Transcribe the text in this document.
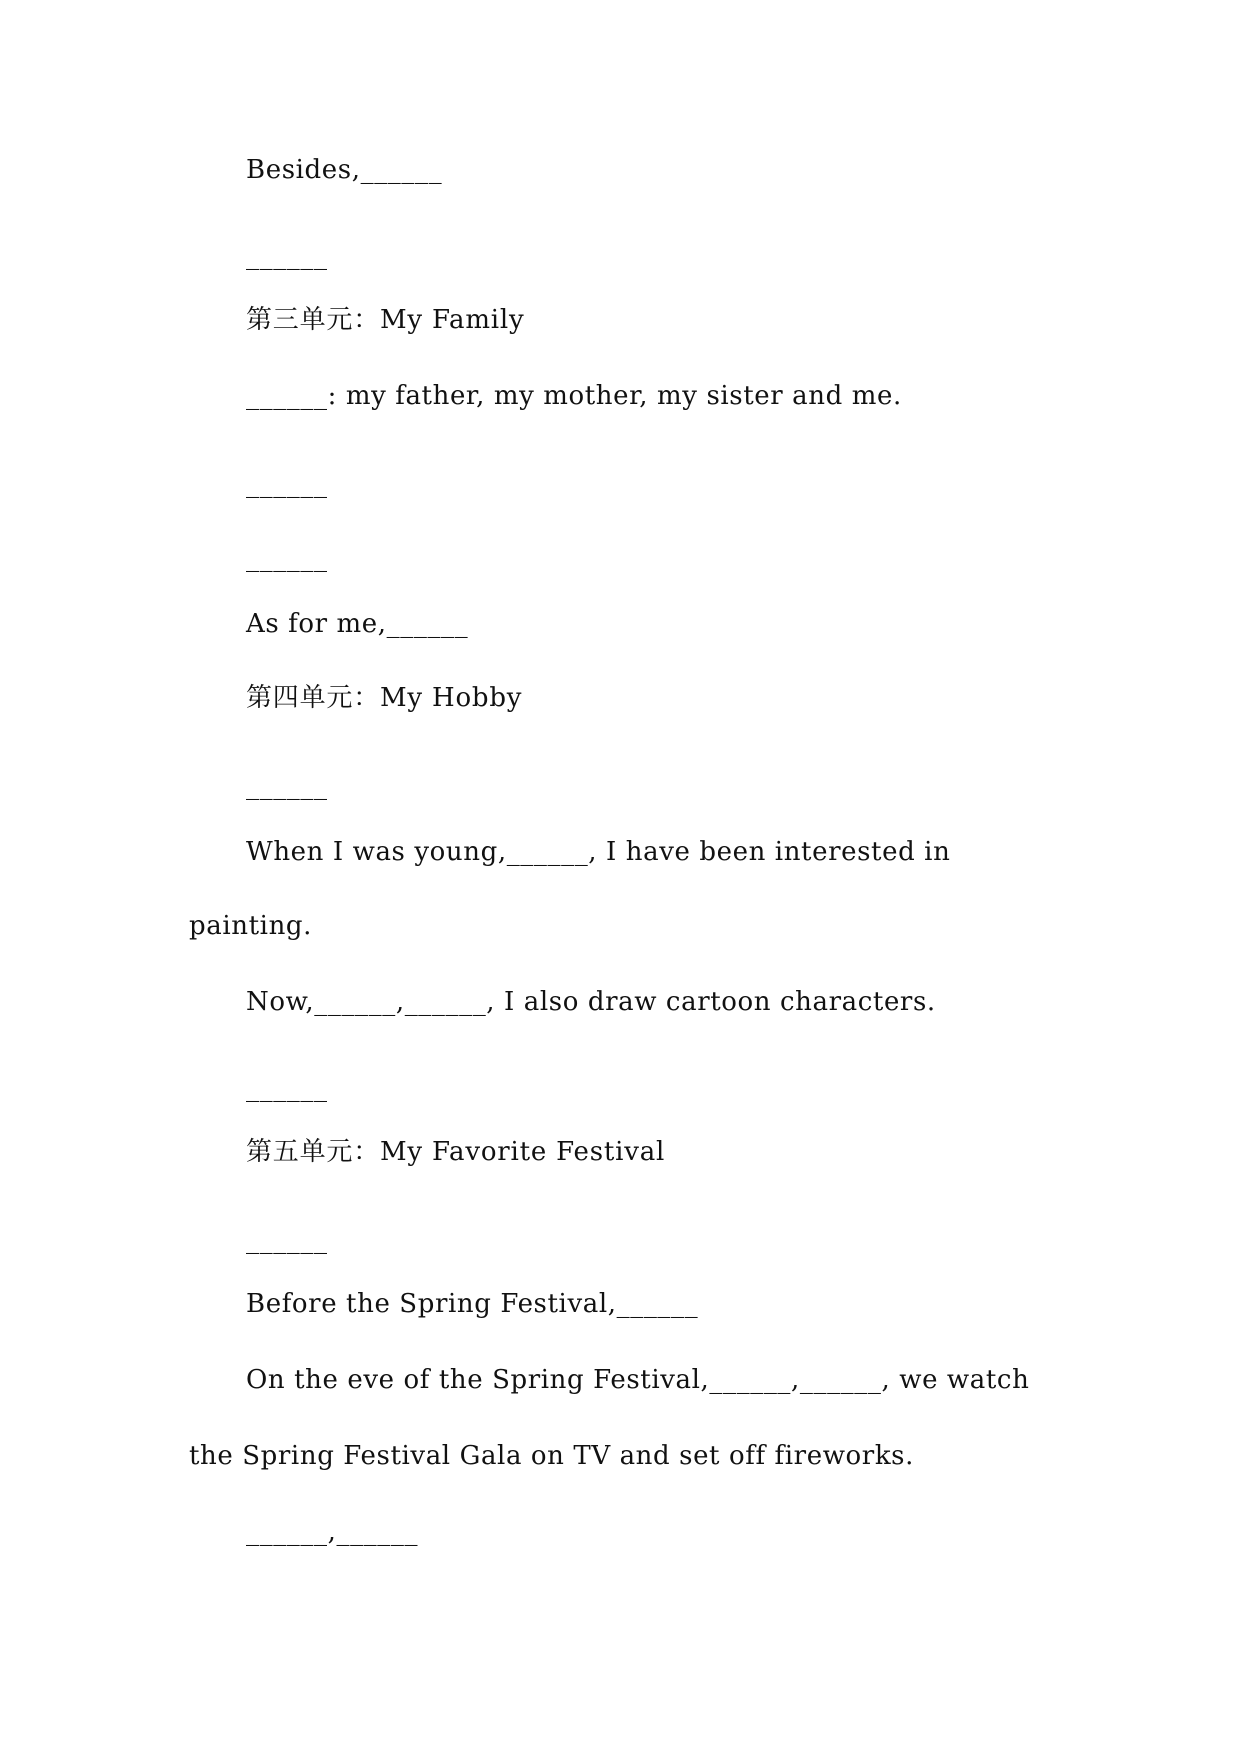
Besides,______
______
第三单元：My Family
______: my father, my mother, my sister and me.
______
______
As for me,______
第四单元：My Hobby
______
When I was young,______, I have been interested in
painting.
Now,______,______, I also draw cartoon characters.
______
第五单元：My Favorite Festival
______
Before the Spring Festival,______
On the eve of the Spring Festival,______,______, we watch
the Spring Festival Gala on TV and set off fireworks.
______,______
